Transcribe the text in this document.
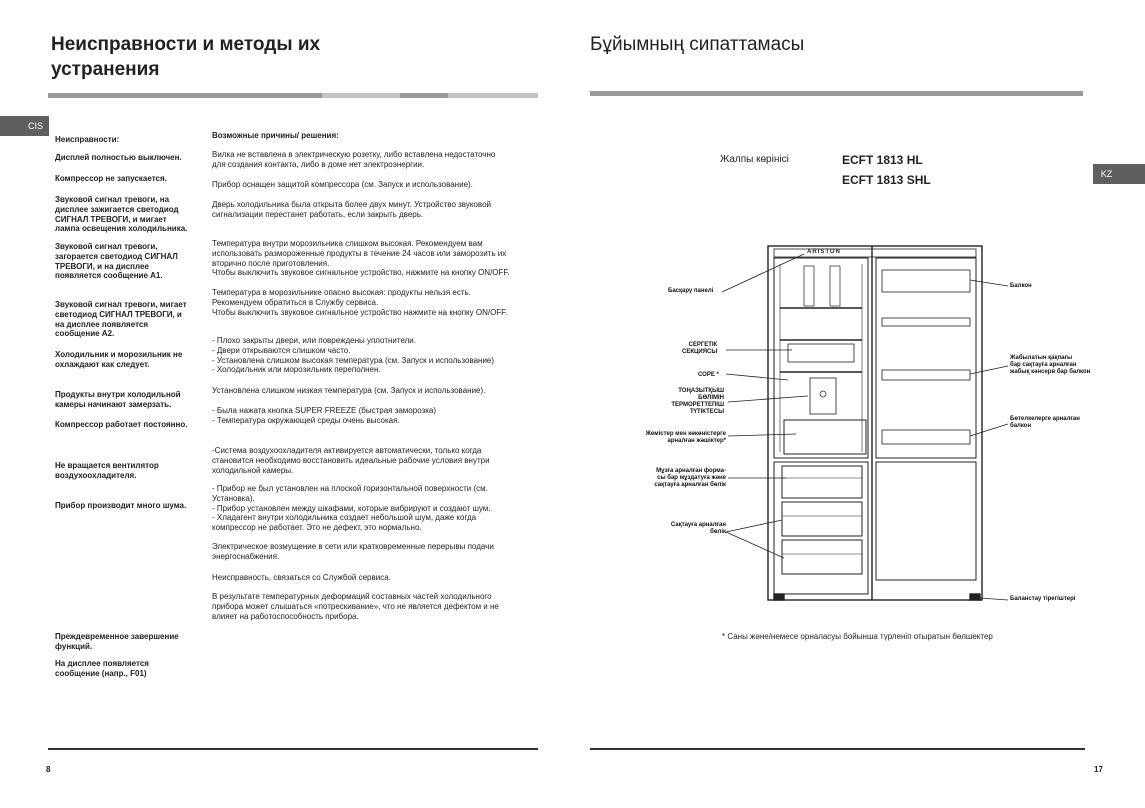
Неисправности и методы их
устранения
CIS
Неисправности:	Возможные причины/ решения:
Дисплей полностью выключен.
Компрессор не запускается.
Звуковой сигнал тревоги, на
дисплее зажигается светодиод
СИГНАЛ ТРЕВОГИ, и мигает
лампа освещения холодильника.
Звуковой сигнал тревоги,
загорается светодиод СИГНАЛ
ТРЕВОГИ, и на дисплее
появляется сообщение А1.
Звуковой сигнал тревоги, мигает
светодиод СИГНАЛ ТРЕВОГИ, и
на дисплее появляется
сообщение А2.
Холодильник и морозильник не
охлаждают как следует.
Продукты внутри холодильной
камеры начинают замерзать.
Компрессор работает постоянно.
Не вращается вентилятор
воздухоохладителя.
Прибор производит много шума.
Преждевременное завершение
функций.
На дисплее появляется
сообщение (напр., F01)
Вилка не вставлена в электрическую розетку, либо вставлена недостаточно
для создания контакта, либо в доме нет электроэнергии.
Прибор оснащен защитой компрессора (см. Запуск и использование).
Дверь холодильника была открыта более двух минут. Устройство звуковой
сигнализации перестанет работать, если закрыть дверь.
Температура внутри морозильника слишком высокая. Рекомендуем вам
использовать размороженные продукты в течение 24 часов или заморозить их
вторично после приготовления.
Чтобы выключить звуковое сигнальное устройство, нажмите на кнопку ON/OFF.
Температура в морозильнике опасно высокая: продукты нельзя есть.
Рекомендуем обратиться в Службу сервиса.
Чтобы выключить звуковое сигнальное устройство нажмите на кнопку ON/OFF.
- Плохо закрыты двери, или повреждены уплотнители.
- Двери открываются слишком часто.
- Установлена слишком высокая температура (см. Запуск и использование)
- Холодильник или морозильник переполнен.
Установлена слишком низкая температура (см. Запуск и использование).
- Была нажата кнопка SUPER FREEZE (быстрая заморозка)
- Температура окружающей среды очень высокая.
-Система воздухоохладителя активируется автоматически, только когда
становится необходимо восстановить идеальные рабочие условия внутри
холодильной камеры.
- Прибор не был установлен на плоской горизонтальной поверхности (см.
Установка).
- Прибор установлен между шкафами, которые вибрируют и создают шум.
- Хладагент внутри холодильника создает небольшой шум, даже когда
компрессор не работает. Это не дефект, это нормально.
Электрическое возмущение в сети или кратковременные перерывы подачи
энергоснабжения.
Неисправность, связаться со Службой сервиса.
В результате температурных деформаций составных частей холодильного
прибора может слышаться «потрескивание», что не является дефектом и не
влияет на работоспособность прибора.
8
Бұйымның сипаттамасы
KZ
Жалпы көрінісі	ECFT 1813 HL
ECFT 1813 SHL
ARISTON
Басқару панелі
СЕРГЕТІК
СЕКЦИЯСЫ
СОРЕ *
ТОҢАЗЫТҚЫШ
БӨЛІМІН
ТЕРМОРЕТТЕПІШ
ТҮТІКТЕСЫ
Жемістер мен көкөністерге
арналған жәшіктер*
Мұзға арналған форма-
сы бар мұздатуға және
сақтауға арналған бөлік
Сақтауға арналған
бөлік
Балкон
Жабылатын қақпағы
бар сақтауға арналған
жабық кәнсерв бар балкон
Бөтелкелерге арналған
балкон
Баланстау тірегіштері
* Саны және/немесе орналасуы бойынша түрленіп отыратын бөлшектер
17
